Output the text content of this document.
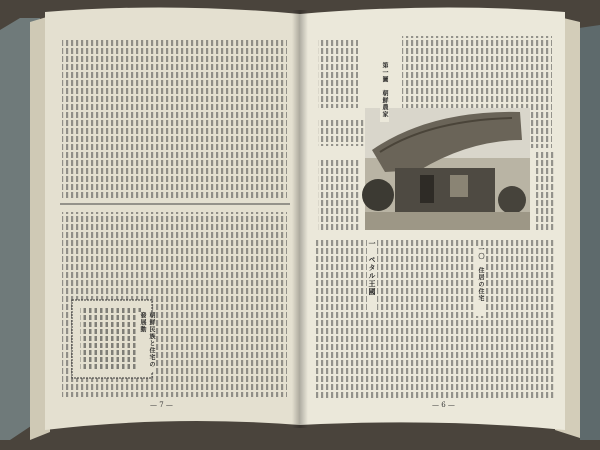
— 7 —	— 6 —
朝鮮民族と住宅の發展動
第一圖　朝鮮農家
一　ペタル王國	一〇　住居の住宅
